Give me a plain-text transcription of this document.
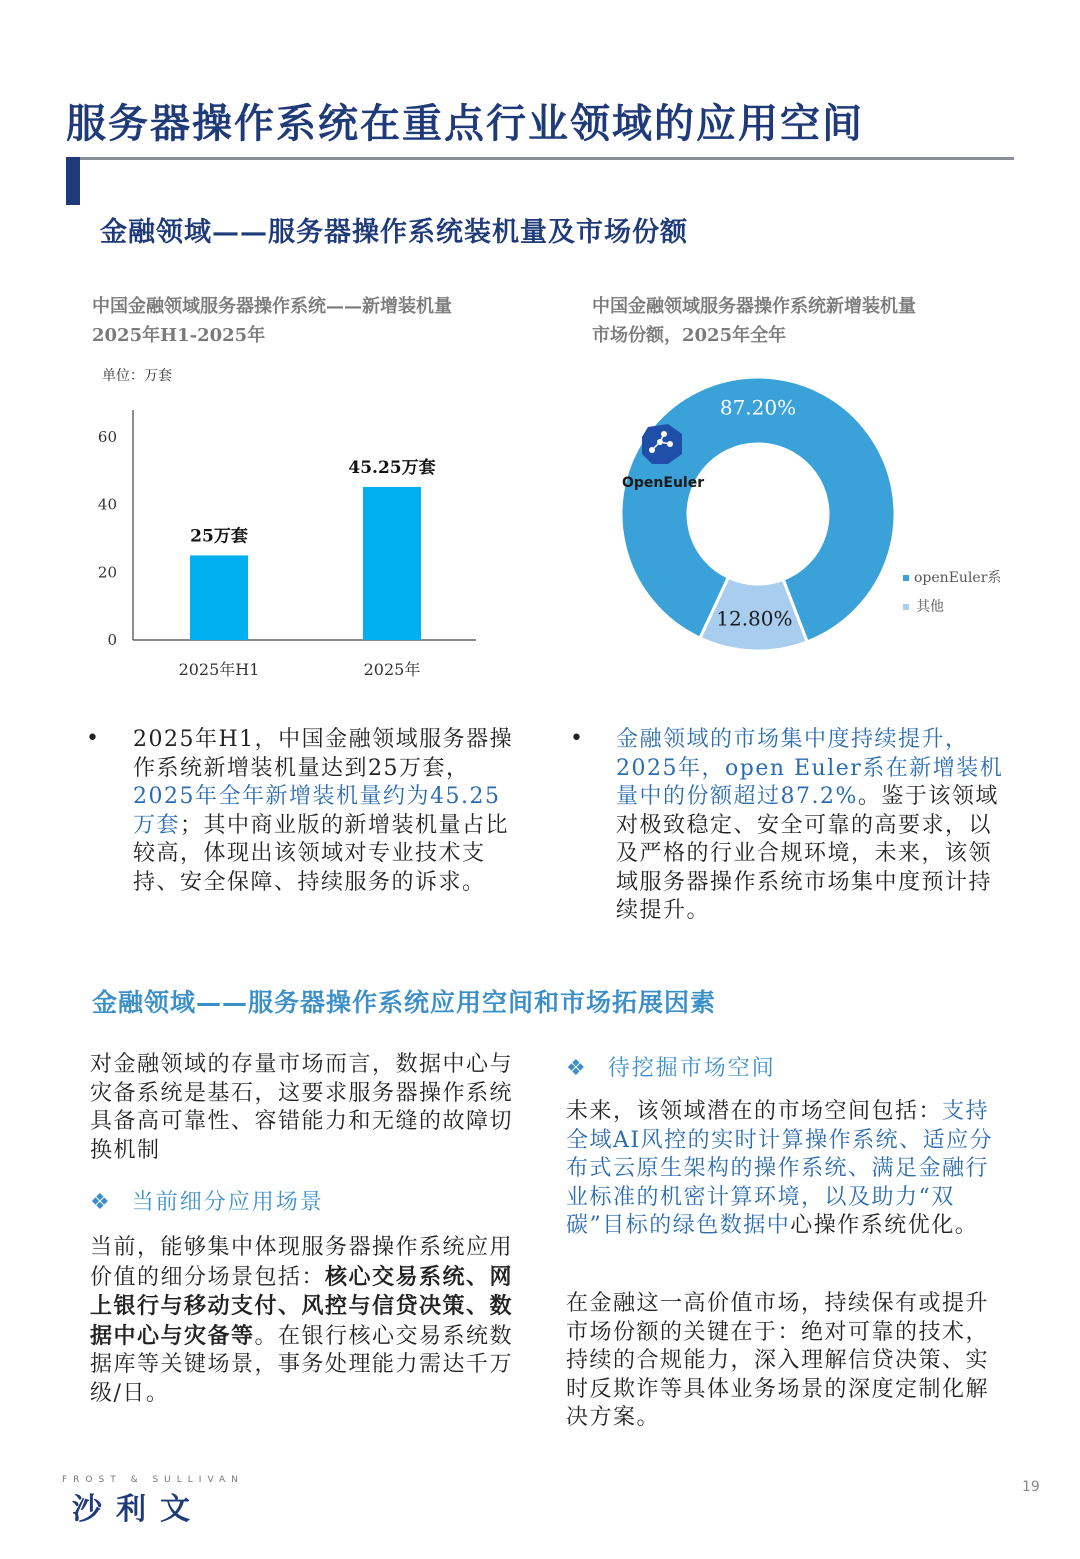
服务器操作系统在重点行业领域的应用空间
金融领域——服务器操作系统装机量及市场份额
中国金融领域服务器操作系统——新增装机量
2025年H1-2025年
单位：万套
0
20
40
60
25万套
2025年H1
45.25万套
2025年
中国金融领域服务器操作系统新增装机量
市场份额，2025年全年
87.20%
12.80%
OpenEuler
openEuler系
其他
• 2025年H1，中国金融领域服务器操作系统新增装机量达到25万套，2025年全年新增装机量约为45.25万套；其中商业版的新增装机量占比较高，体现出该领域对专业技术支持、安全保障、持续服务的诉求。
• 金融领域的市场集中度持续提升，2025年，open Euler系在新增装机量中的份额超过87.2%。鉴于该领域对极致稳定、安全可靠的高要求，以及严格的行业合规环境，未来，该领域服务器操作系统市场集中度预计持续提升。
金融领域——服务器操作系统应用空间和市场拓展因素
对金融领域的存量市场而言，数据中心与灾备系统是基石，这要求服务器操作系统具备高可靠性、容错能力和无缝的故障切换机制
❖ 当前细分应用场景
当前，能够集中体现服务器操作系统应用价值的细分场景包括：核心交易系统、网上银行与移动支付、风控与信贷决策、数据中心与灾备等。在银行核心交易系统数据库等关键场景，事务处理能力需达千万级/日。
❖ 待挖掘市场空间
未来，该领域潜在的市场空间包括：支持全域AI风控的实时计算操作系统、适应分布式云原生架构的操作系统、满足金融行业标准的机密计算环境，以及助力“双碳”目标的绿色数据中心操作系统优化。
在金融这一高价值市场，持续保有或提升市场份额的关键在于：绝对可靠的技术，持续的合规能力，深入理解信贷决策、实时反欺诈等具体业务场景的深度定制化解决方案。
FROST & SULLIVAN
沙利文
19
